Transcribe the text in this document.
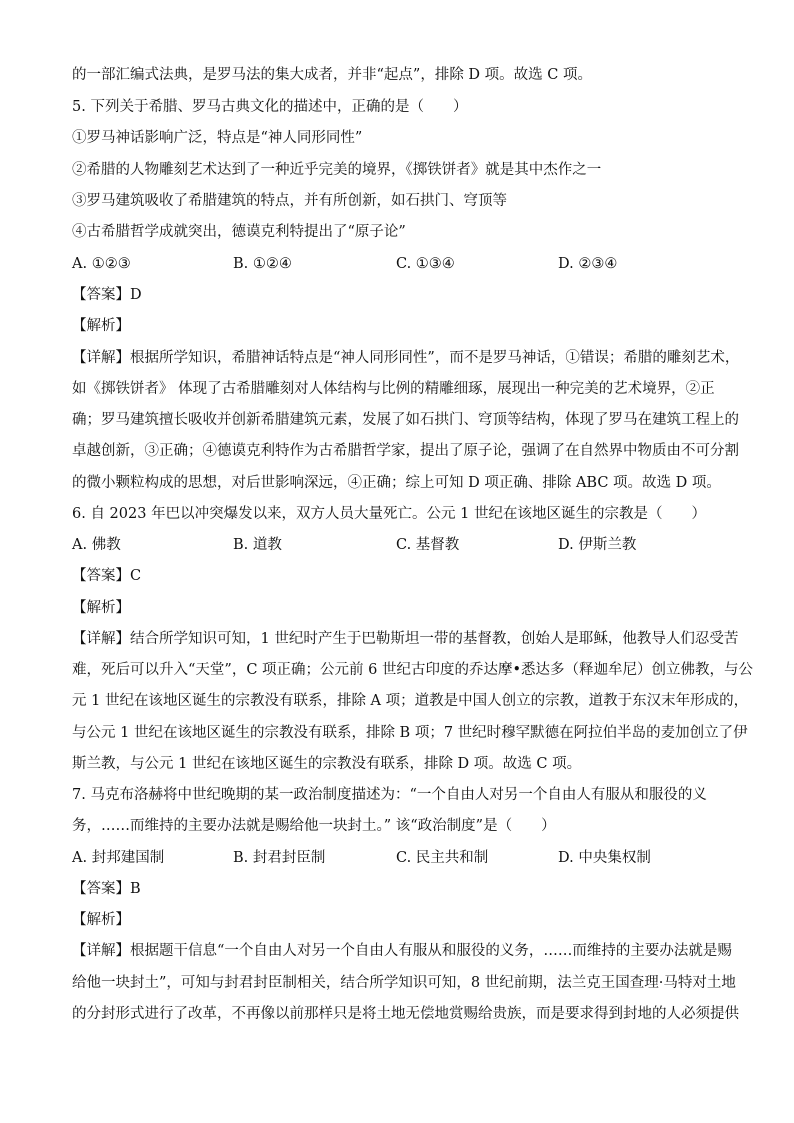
的一部汇编式法典，是罗马法的集大成者，并非“起点”，排除 D 项。故选 C 项。
5. 下列关于希腊、罗马古典文化的描述中，正确的是（　　）
①罗马神话影响广泛，特点是“神人同形同性”
②希腊的人物雕刻艺术达到了一种近乎完美的境界，《掷铁饼者》就是其中杰作之一
③罗马建筑吸收了希腊建筑的特点，并有所创新，如石拱门、穹顶等
④古希腊哲学成就突出，德谟克利特提出了“原子论”
A. ①②③	B. ①②④	C. ①③④	D. ②③④
【答案】D
【解析】
【详解】根据所学知识，希腊神话特点是“神人同形同性”，而不是罗马神话，①错误；希腊的雕刻艺术，
如《掷铁饼者》 体现了古希腊雕刻对人体结构与比例的精雕细琢，展现出一种完美的艺术境界，②正
确；罗马建筑擅长吸收并创新希腊建筑元素，发展了如石拱门、穹顶等结构，体现了罗马在建筑工程上的
卓越创新，③正确；④德谟克利特作为古希腊哲学家，提出了原子论，强调了在自然界中物质由不可分割
的微小颗粒构成的思想，对后世影响深远，④正确；综上可知 D 项正确、排除 ABC 项。故选 D 项。
6. 自 2023 年巴以冲突爆发以来，双方人员大量死亡。公元 1 世纪在该地区诞生的宗教是（　　）
A. 佛教	B. 道教	C. 基督教	D. 伊斯兰教
【答案】C
【解析】
【详解】结合所学知识可知，1 世纪时产生于巴勒斯坦一带的基督教，创始人是耶稣，他教导人们忍受苦
难，死后可以升入“天堂”，C 项正确；公元前 6 世纪古印度的乔达摩•悉达多（释迦牟尼）创立佛教，与公
元 1 世纪在该地区诞生的宗教没有联系，排除 A 项；道教是中国人创立的宗教，道教于东汉末年形成的，
与公元 1 世纪在该地区诞生的宗教没有联系，排除 B 项；7 世纪时穆罕默德在阿拉伯半岛的麦加创立了伊
斯兰教，与公元 1 世纪在该地区诞生的宗教没有联系，排除 D 项。故选 C 项。
7. 马克布洛赫将中世纪晚期的某一政治制度描述为：“一个自由人对另一个自由人有服从和服役的义
务，……而维持的主要办法就是赐给他一块封土。” 该“政治制度”是（　　）
A. 封邦建国制	B. 封君封臣制	C. 民主共和制	D. 中央集权制
【答案】B
【解析】
【详解】根据题干信息“一个自由人对另一个自由人有服从和服役的义务，……而维持的主要办法就是赐
给他一块封土”，可知与封君封臣制相关，结合所学知识可知，8 世纪前期，法兰克王国查理·马特对土地
的分封形式进行了改革，不再像以前那样只是将土地无偿地赏赐给贵族，而是要求得到封地的人必须提供
